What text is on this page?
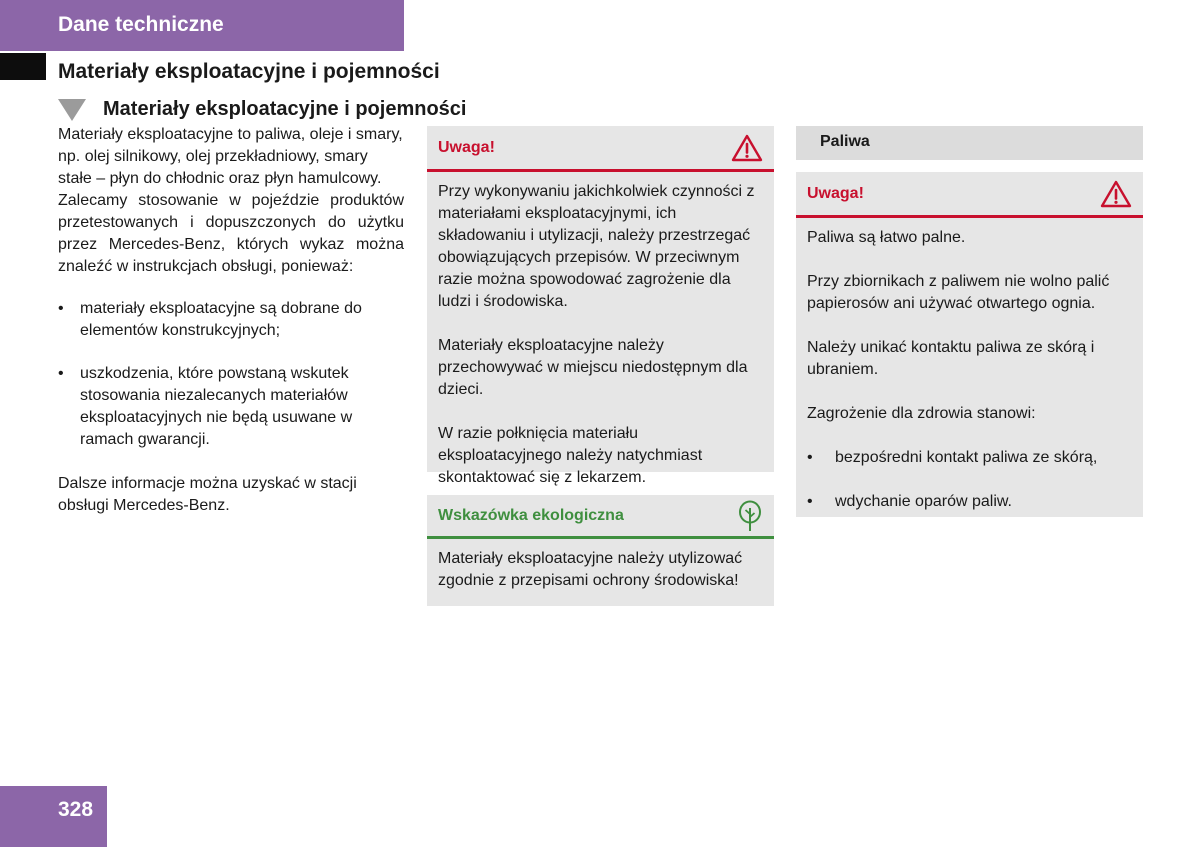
Dane techniczne
Materiały eksploatacyjne i pojemności
Materiały eksploatacyjne i pojemności

Materiały eksploatacyjne to paliwa, oleje i smary, np. olej silnikowy, olej przekładniowy, smary stałe – płyn do chłodnic oraz płyn hamulcowy.

Zalecamy stosowanie w pojeździe produktów przetestowanych i dopuszczonych do użytku przez Mercedes-Benz, których wykaz można znaleźć w instrukcjach obsługi, ponieważ:

• materiały eksploatacyjne są dobrane do elementów konstrukcyjnych;
• uszkodzenia, które powstaną wskutek stosowania niezalecanych materiałów eksploatacyjnych nie będą usuwane w ramach gwarancji.

Dalsze informacje można uzyskać w stacji obsługi Mercedes-Benz.

Uwaga!

Przy wykonywaniu jakichkolwiek czynności z materiałami eksploatacyjnymi, ich składowaniu i utylizacji, należy przestrzegać obowiązujących przepisów. W przeciwnym razie można spowodować zagrożenie dla ludzi i środowiska.

Materiały eksploatacyjne należy przechowywać w miejscu niedostępnym dla dzieci.

W razie połknięcia materiału eksploatacyjnego należy natychmiast skontaktować się z lekarzem.

Wskazówka ekologiczna

Materiały eksploatacyjne należy utylizować zgodnie z przepisami ochrony środowiska!

Paliwa
Uwaga!

Paliwa są łatwo palne.

Przy zbiornikach z paliwem nie wolno palić papierosów ani używać otwartego ognia.

Należy unikać kontaktu paliwa ze skórą i ubraniem.

Zagrożenie dla zdrowia stanowi:

• bezpośredni kontakt paliwa ze skórą,
• wdychanie oparów paliw.
328
